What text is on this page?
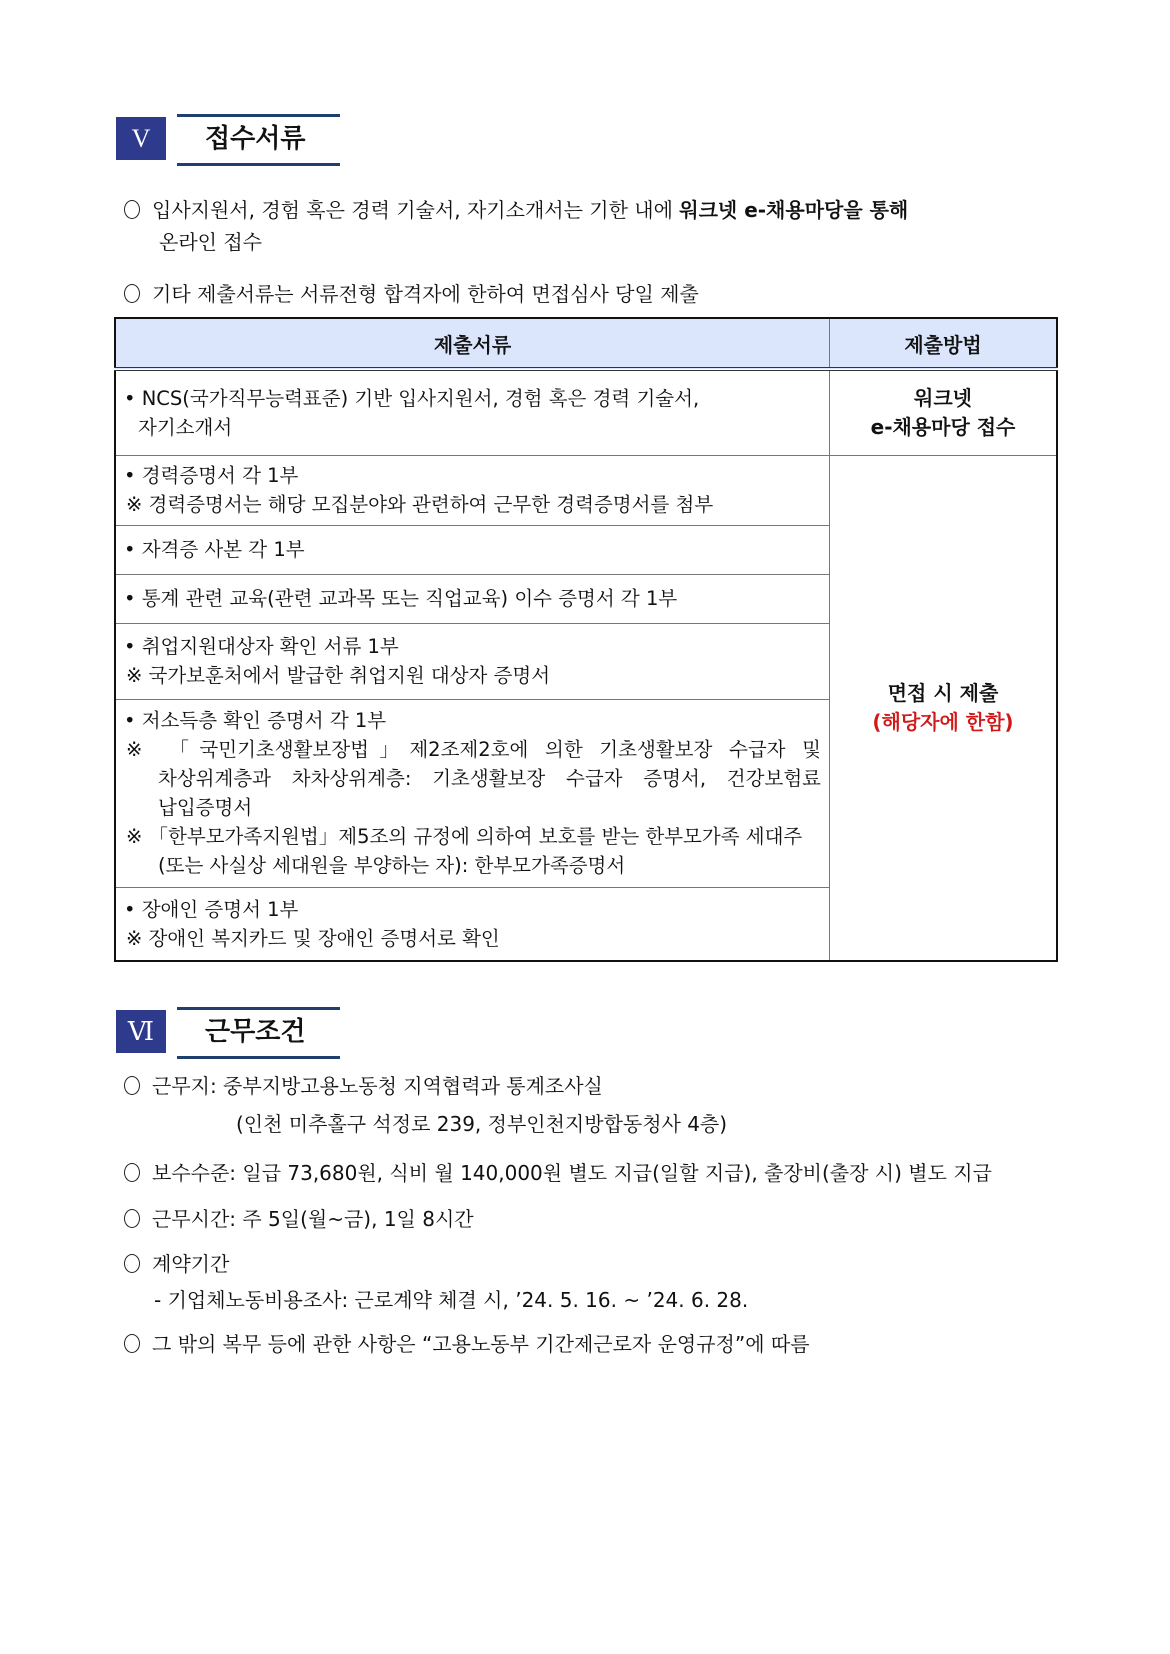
V	접수서류
입사지원서, 경험 혹은 경력 기술서, 자기소개서는 기한 내에 워크넷 e-채용마당을 통해
온라인 접수
기타 제출서류는 서류전형 합격자에 한하여 면접심사 당일 제출
제출서류	제출방법

• NCS(국가직무능력표준) 기반 입사지원서, 경험 혹은 경력 기술서,
자기소개서	워크넷
e-채용마당 접수

• 경력증명서 각 1부
※ 경력증명서는 해당 모집분야와 관련하여 근무한 경력증명서를 첨부	면접 시 제출
(해당자에 한함)

• 자격증 사본 각 1부	

• 통계 관련 교육(관련 교과목 또는 직업교육) 이수 증명서 각 1부	

• 취업지원대상자 확인 서류 1부
※ 국가보훈처에서 발급한 취업지원 대상자 증명서	

• 저소득층 확인 증명서 각 1부
※ 「국민기초생활보장법」제2조제2호에 의한 기초생활보장 수급자 및
차상위계층과 차차상위계층: 기초생활보장 수급자 증명서, 건강보험료
납입증명서
※ 「한부모가족지원법」제5조의 규정에 의하여 보호를 받는 한부모가족 세대주
(또는 사실상 세대원을 부양하는 자): 한부모가족증명서

• 장애인 증명서 1부
※ 장애인 복지카드 및 장애인 증명서로 확인	
Ⅵ	근무조건
근무지: 중부지방고용노동청 지역협력과 통계조사실
(인천 미추홀구 석정로 239, 정부인천지방합동청사 4층)
보수수준: 일급 73,680원, 식비 월 140,000원 별도 지급(일할 지급), 출장비(출장 시) 별도 지급
근무시간: 주 5일(월~금), 1일 8시간
계약기간
- 기업체노동비용조사: 근로계약 체결 시, ’24. 5. 16. ~ ’24. 6. 28.
그 밖의 복무 등에 관한 사항은 “고용노동부 기간제근로자 운영규정”에 따름
